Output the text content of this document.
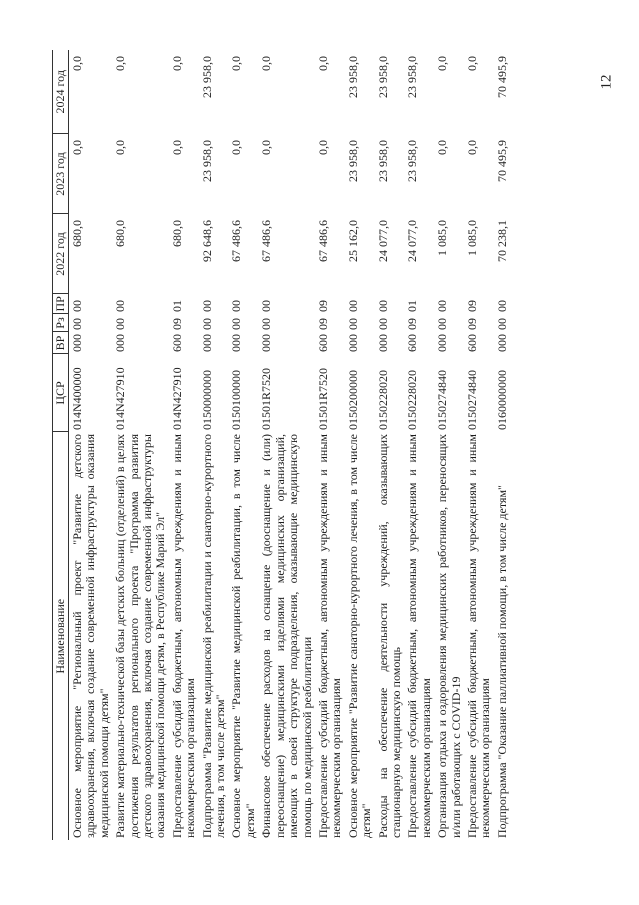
12
Наименование	ЦСР	ВР	Рз	ПР	2022 год	2023 год	2024 год
Основное мероприятие "Региональный проект "Развитие детского здравоохранения, включая создание современной инфраструктуры оказания медицинской помощи детям"	014N400000	000	00	00	680,0	0,0	0,0
Развитие материально-технической базы детских больниц (отделений) в целях достижения результатов регионального проекта "Программа развития детского здравоохранения, включая создание современной инфраструктуры оказания медицинской помощи детям, в Республике Марий Эл"	014N427910	000	00	00	680,0	0,0	0,0
Предоставление субсидий бюджетным, автономным учреждениям и иным некоммерческим организациям	014N427910	600	09	01	680,0	0,0	0,0
Подпрограмма "Развитие медицинской реабилитации и санаторно-курортного лечения, в том числе детям"	0150000000	000	00	00	92 648,6	23 958,0	23 958,0
Основное мероприятие "Развитие медицинской реабилитации, в том числе детям"	0150100000	000	00	00	67 486,6	0,0	0,0
Финансовое обеспечение расходов на оснащение (дооснащение и (или) переоснащение) медицинскими изделиями медицинских организаций, имеющих в своей структуре подразделения, оказывающие медицинскую помощь по медицинской реабилитации	01501R7520	000	00	00	67 486,6	0,0	0,0
Предоставление субсидий бюджетным, автономным учреждениям и иным некоммерческим организациям	01501R7520	600	09	09	67 486,6	0,0	0,0
Основное мероприятие "Развитие санаторно-курортного лечения, в том числе детям"	0150200000	000	00	00	25 162,0	23 958,0	23 958,0
Расходы на обеспечение деятельности учреждений, оказывающих стационарную медицинскую помощь	0150228020	000	00	00	24 077,0	23 958,0	23 958,0
Предоставление субсидий бюджетным, автономным учреждениям и иным некоммерческим организациям	0150228020	600	09	01	24 077,0	23 958,0	23 958,0
Организация отдыха и оздоровления медицинских работников, переносящих и/или работающих с COVID-19	0150274840	000	00	00	1 085,0	0,0	0,0
Предоставление субсидий бюджетным, автономным учреждениям и иным некоммерческим организациям	0150274840	600	09	09	1 085,0	0,0	0,0
Подпрограмма "Оказание паллиативной помощи, в том числе детям"	0160000000	000	00	00	70 238,1	70 495,9	70 495,9
